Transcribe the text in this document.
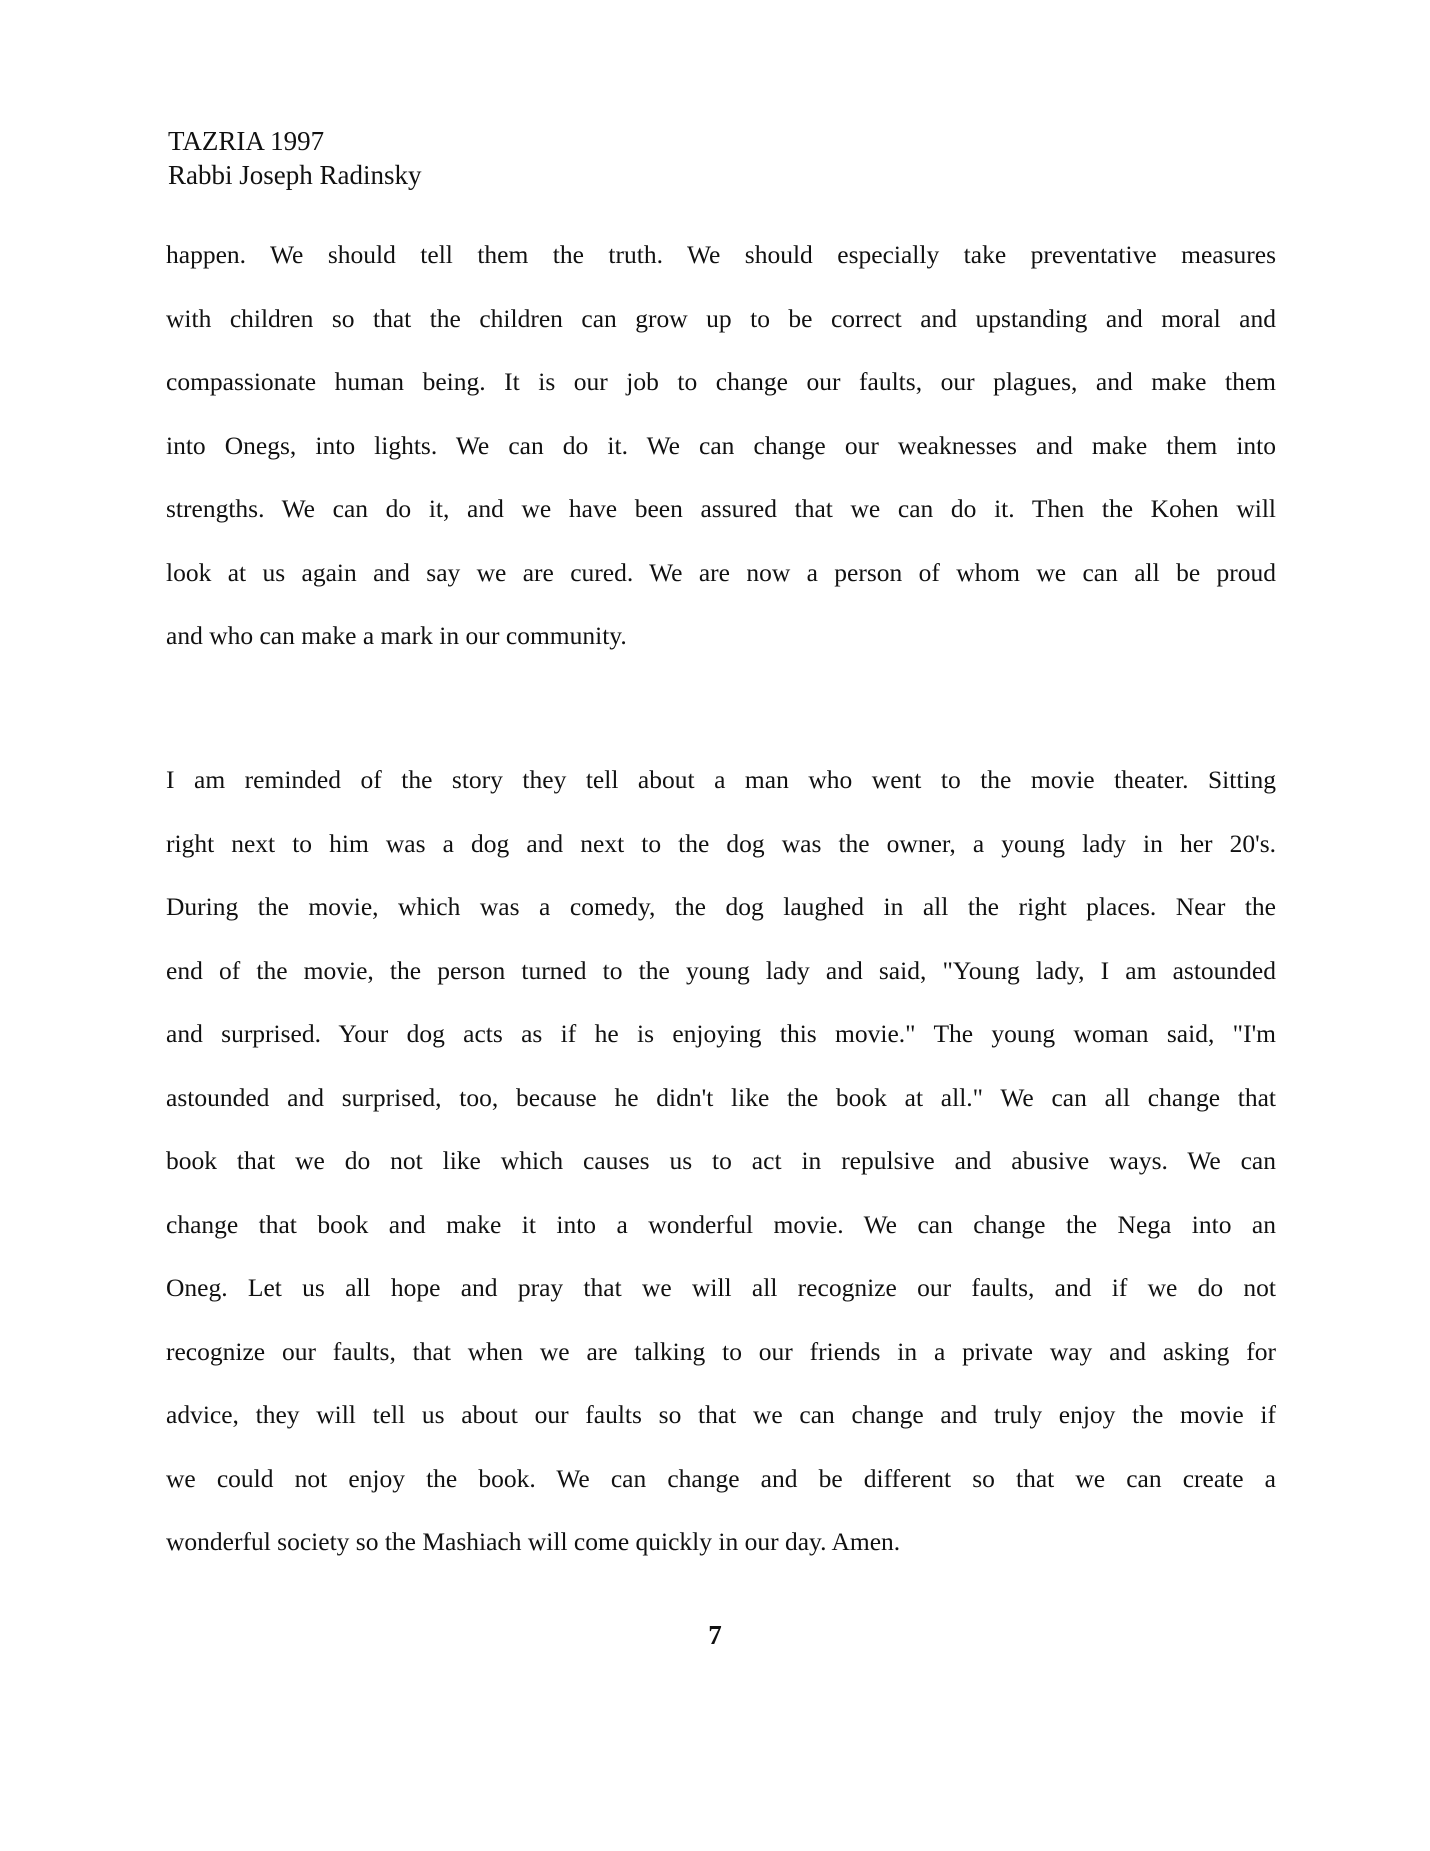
TAZRIA 1997
Rabbi Joseph Radinsky
happen. We should tell them the truth. We should especially take preventative measures
with children so that the children can grow up to be correct and upstanding and moral and
compassionate human being. It is our job to change our faults, our plagues, and make them
into Onegs, into lights. We can do it. We can change our weaknesses and make them into
strengths. We can do it, and we have been assured that we can do it. Then the Kohen will
look at us again and say we are cured. We are now a person of whom we can all be proud
and who can make a mark in our community.
I am reminded of the story they tell about a man who went to the movie theater. Sitting
right next to him was a dog and next to the dog was the owner, a young lady in her 20's.
During the movie, which was a comedy, the dog laughed in all the right places. Near the
end of the movie, the person turned to the young lady and said, "Young lady, I am astounded
and surprised. Your dog acts as if he is enjoying this movie." The young woman said, "I'm
astounded and surprised, too, because he didn't like the book at all." We can all change that
book that we do not like which causes us to act in repulsive and abusive ways. We can
change that book and make it into a wonderful movie. We can change the Nega into an
Oneg. Let us all hope and pray that we will all recognize our faults, and if we do not
recognize our faults, that when we are talking to our friends in a private way and asking for
advice, they will tell us about our faults so that we can change and truly enjoy the movie if
we could not enjoy the book. We can change and be different so that we can create a
wonderful society so the Mashiach will come quickly in our day. Amen.
7
